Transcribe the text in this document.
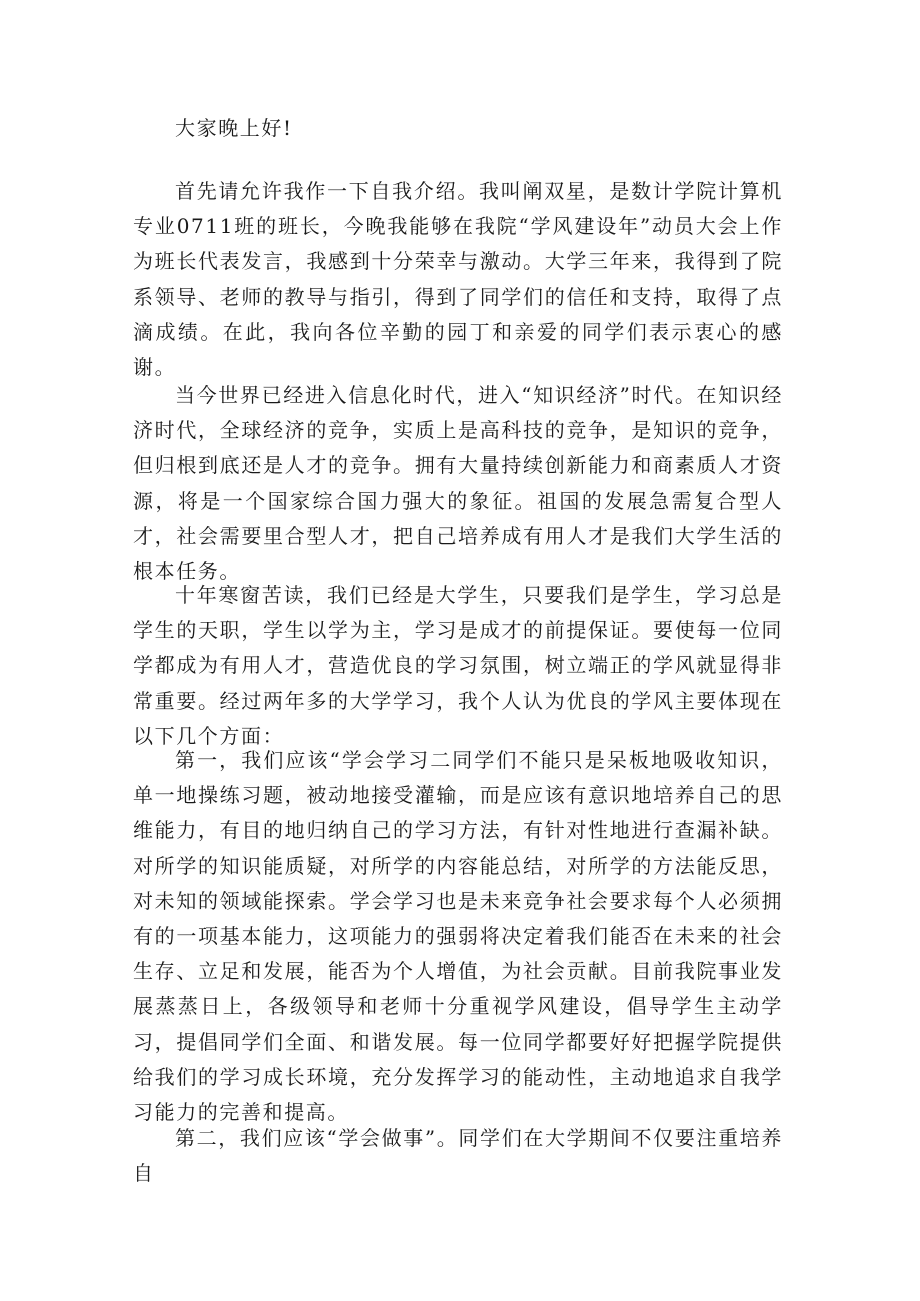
大家晚上好!

首先请允许我作一下自我介绍。我叫阐双星，是数计学院计算机专业0711班的班长，今晚我能够在我院“学风建设年”动员大会上作为班长代表发言，我感到十分荣幸与激动。大学三年来，我得到了院系领导、老师的教导与指引，得到了同学们的信任和支持，取得了点滴成绩。在此，我向各位辛勤的园丁和亲爱的同学们表示衷心的感谢。

当今世界已经进入信息化时代，进入“知识经济”时代。在知识经济时代，全球经济的竞争，实质上是高科技的竞争，是知识的竞争，但归根到底还是人才的竞争。拥有大量持续创新能力和商素质人才资源，将是一个国家综合国力强大的象征。祖国的发展急需复合型人才，社会需要里合型人才，把自己培养成有用人才是我们大学生活的根本任务。

十年寒窗苦读，我们已经是大学生，只要我们是学生，学习总是学生的天职，学生以学为主，学习是成才的前提保证。要使每一位同学都成为有用人才，营造优良的学习氛围，树立端正的学风就显得非常重要。经过两年多的大学学习，我个人认为优良的学风主要体现在以下几个方面：

第一，我们应该“学会学习二同学们不能只是呆板地吸收知识，单一地操练习题，被动地接受灌输，而是应该有意识地培养自己的思维能力，有目的地归纳自己的学习方法，有针对性地进行查漏补缺。对所学的知识能质疑，对所学的内容能总结，对所学的方法能反思，对未知的领域能探索。学会学习也是未来竞争社会要求每个人必须拥有的一项基本能力，这项能力的强弱将决定着我们能否在未来的社会生存、立足和发展，能否为个人增值，为社会贡献。目前我院事业发展蒸蒸日上，各级领导和老师十分重视学风建设，倡导学生主动学习，提倡同学们全面、和谐发展。每一位同学都要好好把握学院提供给我们的学习成长环境，充分发挥学习的能动性，主动地追求自我学习能力的完善和提高。

第二，我们应该“学会做事”。同学们在大学期间不仅要注重培养自
